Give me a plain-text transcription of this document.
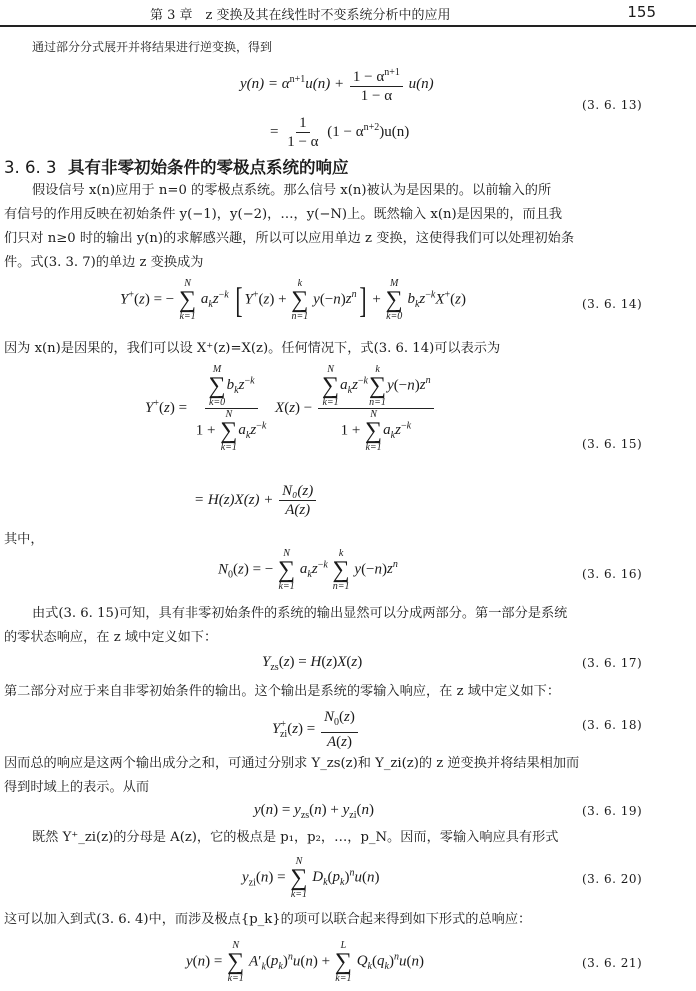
第 3 章　z 变换及其在线性时不变系统分析中的应用	155
通过部分分式展开并将结果进行逆变换，得到
$y(n) = \alpha^{n+1}u(n) + \frac{1 - \alpha^{n+1}}{1 - \alpha} u(n)$
= $\frac{1}{1 - \alpha} (1 - \alpha^{n+2})u(n)$
(3. 6. 13)
3. 6. 3 具有非零初始条件的零极点系统的响应
假设信号 x(n)应用于 n=0 的零极点系统。那么信号 x(n)被认为是因果的。以前输入的所
有信号的作用反映在初始条件 y(−1)，y(−2)，…，y(−N)上。既然输入 x(n)是因果的，而且我
们只对 n≥0 时的输出 y(n)的求解感兴趣，所以可以应用单边 z 变换，这使得我们可以处理初始条
件。式(3. 3. 7)的单边 z 变换成为
Y+(z) = −
N
∑
k=1
$a_kz^{-k}$ [ Y+(z) +
k
∑
n=1
$y(-n)z^n$] +
M
∑
k=0
$b_kz^{-k}X^+(z)$	(3. 6. 14)
因为 x(n)是因果的，我们可以设 X⁺(z)=X(z)。任何情况下，式(3. 6. 14)可以表示为
Y+(z) = M
∑
k=0
$b_kz^{-k}$
1 +
N
∑
k=1
$a_kz^{-k}$ X(z) − N
∑
k=1
$a_kz^{-k}$
k
∑
n=1
$y(-n)z^n$
1 +
N
∑
k=1
$a_kz^{-k}$	(3. 6. 15)
= $H(z)X(z) + \frac{\text{N₀(z)}}{A(z)}$
其中，
$N_0(z)$ = −
N
∑
k=1
$a_kz^{-k}$
k
∑
n=1
$y(-n)z^n$
(3. 6. 16)
由式(3. 6. 15)可知，具有非零初始条件的系统的输出显然可以分成两部分。第一部分是系统
的零状态响应，在 z 域中定义如下：
$Y_{zs}(z) = H(z)X(z)$	(3. 6. 17)
第二部分对应于来自非零初始条件的输出。这个输出是系统的零输入响应，在 z 域中定义如下：
$Y^+_{zi}(z) = \frac{N_0(z)}{A(z)}$	(3. 6. 18)
因而总的响应是这两个输出成分之和，可通过分别求 Y_zs(z)和 Y_zi(z)的 z 逆变换并将结果相加而
得到时域上的表示。从而
$y(n) = y_{zs}(n) + y_{zi}(n)$	(3. 6. 19)
既然 Y⁺_zi(z)的分母是 A(z)，它的极点是 p₁，p₂，…，p_N。因而，零输入响应具有形式
$y_{zi}(n)$ =
N
∑
k=1
$D_k(p_k)^nu(n)$	(3. 6. 20)
这可以加入到式(3. 6. 4)中，而涉及极点{p_k}的项可以联合起来得到如下形式的总响应：
y(n) =
N
∑
k=1
$A'_k(p_k)^nu(n)$ +
L
∑
k=1
$Q_k(q_k)^nu(n)$	(3. 6. 21)
